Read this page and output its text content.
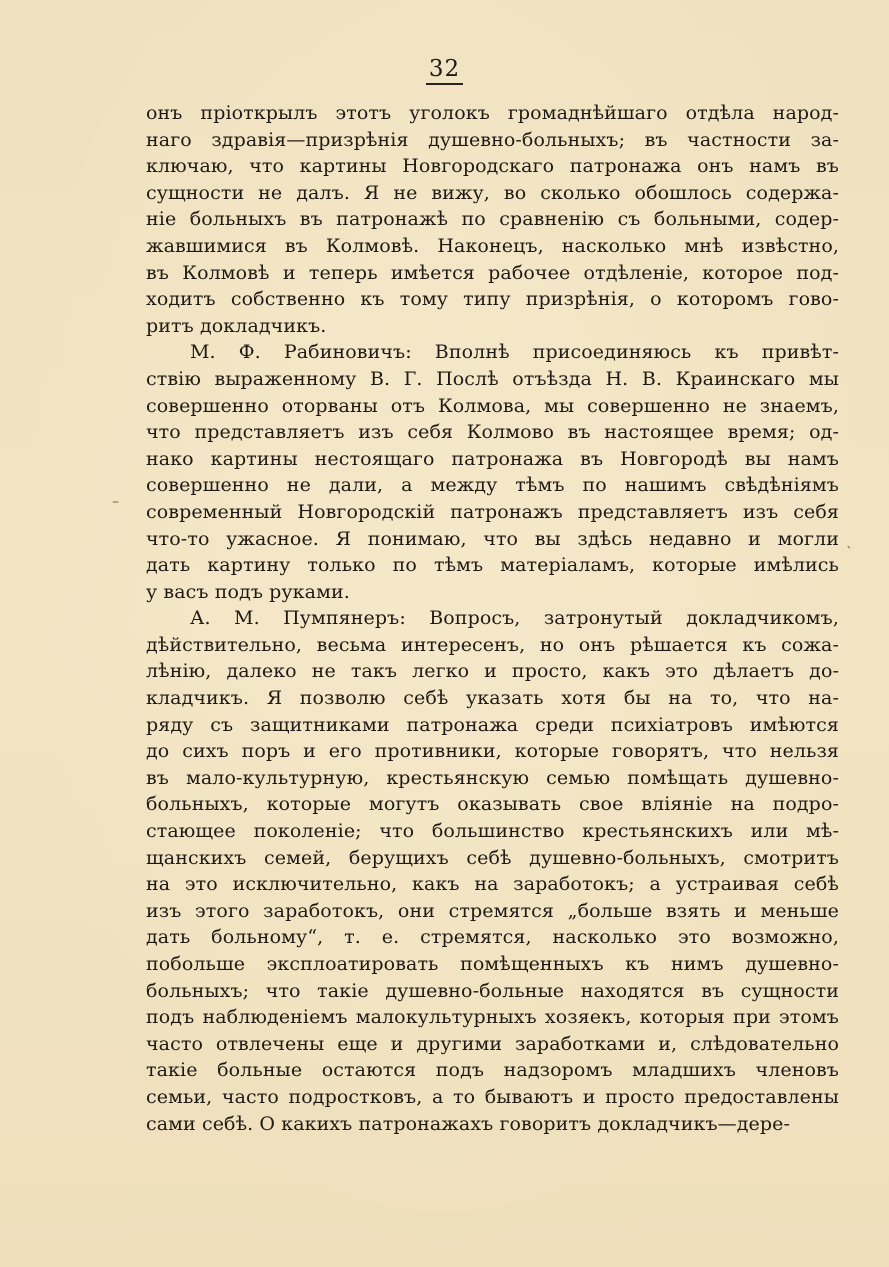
32
онъ пріоткрылъ этотъ уголокъ громаднѣйшаго отдѣла народ-
наго здравія—призрѣнія душевно-больныхъ; въ частности за-
ключаю, что картины Новгородскаго патронажа онъ намъ въ
сущности не далъ. Я не вижу, во сколько обошлось содержа-
ніе больныхъ въ патронажѣ по сравненію съ больными, содер-
жавшимися въ Колмовѣ. Наконецъ, насколько мнѣ извѣстно,
въ Колмовѣ и теперь имѣется рабочее отдѣленіе, которое под-
ходитъ собственно къ тому типу призрѣнія, о которомъ гово-
ритъ докладчикъ.
М. Ф. Рабиновичъ: Вполнѣ присоединяюсь къ привѣт-
ствію выраженному В. Г. Послѣ отъѣзда Н. В. Краинскаго мы
совершенно оторваны отъ Колмова, мы совершенно не знаемъ,
что представляетъ изъ себя Колмово въ настоящее время; од-
нако картины нестоящаго патронажа въ Новгородѣ вы намъ
совершенно не дали, а между тѣмъ по нашимъ свѣдѣніямъ
современный Новгородскій патронажъ представляетъ изъ себя
что-то ужасное. Я понимаю, что вы здѣсь недавно и могли
дать картину только по тѣмъ матеріаламъ, которые имѣлись
у васъ подъ руками.
А. М. Пумпянеръ: Вопросъ, затронутый докладчикомъ,
дѣйствительно, весьма интересенъ, но онъ рѣшается къ сожа-
лѣнію, далеко не такъ легко и просто, какъ это дѣлаетъ до-
кладчикъ. Я позволю себѣ указать хотя бы на то, что на-
ряду съ защитниками патронажа среди психіатровъ имѣются
до сихъ поръ и его противники, которые говорятъ, что нельзя
въ мало-культурную, крестьянскую семью помѣщать душевно-
больныхъ, которые могутъ оказывать свое вліяніе на подро-
стающее поколеніе; что большинство крестьянскихъ или мѣ-
щанскихъ семей, берущихъ себѣ душевно-больныхъ, смотритъ
на это исключительно, какъ на заработокъ; а устраивая себѣ
изъ этого заработокъ, они стремятся „больше взять и меньше
дать больному“, т. е. стремятся, насколько это возможно,
побольше эксплоатировать помѣщенныхъ къ нимъ душевно-
больныхъ; что такіе душевно-больные находятся въ сущности
подъ наблюденіемъ малокультурныхъ хозяекъ, которыя при этомъ
часто отвлечены еще и другими заработками и, слѣдовательно
такіе больные остаются подъ надзоромъ младшихъ членовъ
семьи, часто подростковъ, а то бываютъ и просто предоставлены
сами себѣ. О какихъ патронажахъ говоритъ докладчикъ—дере-
–
`
